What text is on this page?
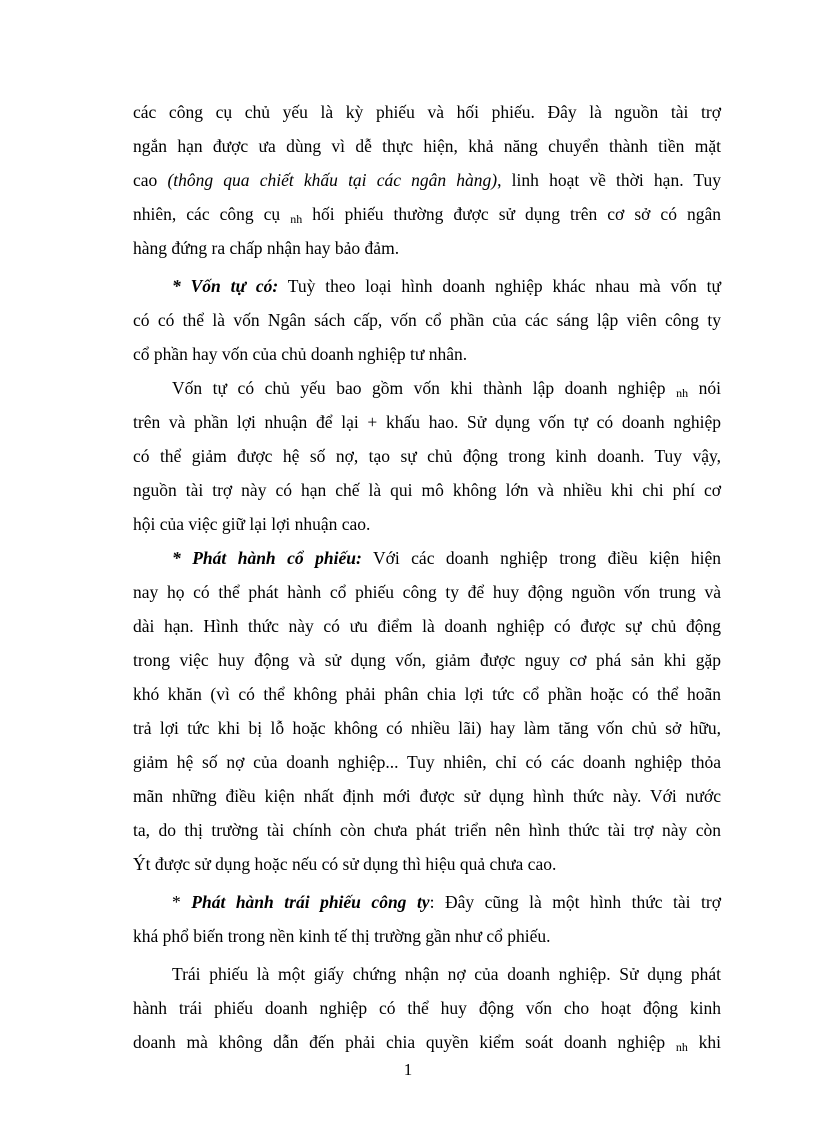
các công cụ chủ yếu là kỳ phiếu và hối phiếu. Đây là nguồn tài trợ
ngắn hạn được ưa dùng vì dễ thực hiện, khả năng chuyển thành tiền mặt
cao (thông qua chiết khấu tại các ngân hàng), linh hoạt về thời hạn. Tuy
nhiên, các công cụ nh hối phiếu thường được sử dụng trên cơ sở có ngân
hàng đứng ra chấp nhận hay bảo đảm.
* Vốn tự có: Tuỳ theo loại hình doanh nghiệp khác nhau mà vốn tự
có có thể là vốn Ngân sách cấp, vốn cổ phần của các sáng lập viên công ty
cổ phần hay vốn của chủ doanh nghiệp tư nhân.
Vốn tự có chủ yếu bao gồm vốn khi thành lập doanh nghiệp nh nói
trên và phần lợi nhuận để lại + khấu hao. Sử dụng vốn tự có doanh nghiệp
có thể giảm được hệ số nợ, tạo sự chủ động trong kinh doanh. Tuy vậy,
nguồn tài trợ này có hạn chế là qui mô không lớn và nhiều khi chi phí cơ
hội của việc giữ lại lợi nhuận cao.
* Phát hành cổ phiếu: Với các doanh nghiệp trong điều kiện hiện
nay họ có thể phát hành cổ phiếu công ty để huy động nguồn vốn trung và
dài hạn. Hình thức này có ưu điểm là doanh nghiệp có được sự chủ động
trong việc huy động và sử dụng vốn, giảm được nguy cơ phá sản khi gặp
khó khăn (vì có thể không phải phân chia lợi tức cổ phần hoặc có thể hoãn
trả lợi tức khi bị lỗ hoặc không có nhiều lãi) hay làm tăng vốn chủ sở hữu,
giảm hệ số nợ của doanh nghiệp... Tuy nhiên, chỉ có các doanh nghiệp thỏa
mãn những điều kiện nhất định mới được sử dụng hình thức này. Với nước
ta, do thị trường tài chính còn chưa phát triển nên hình thức tài trợ này còn
Ýt được sử dụng hoặc nếu có sử dụng thì hiệu quả chưa cao.
* Phát hành trái phiếu công ty: Đây cũng là một hình thức tài trợ
khá phổ biến trong nền kinh tế thị trường gần như cổ phiếu.
Trái phiếu là một giấy chứng nhận nợ của doanh nghiệp. Sử dụng phát
hành trái phiếu doanh nghiệp có thể huy động vốn cho hoạt động kinh
doanh mà không dẫn đến phải chia quyền kiểm soát doanh nghiệp nh khi
1
